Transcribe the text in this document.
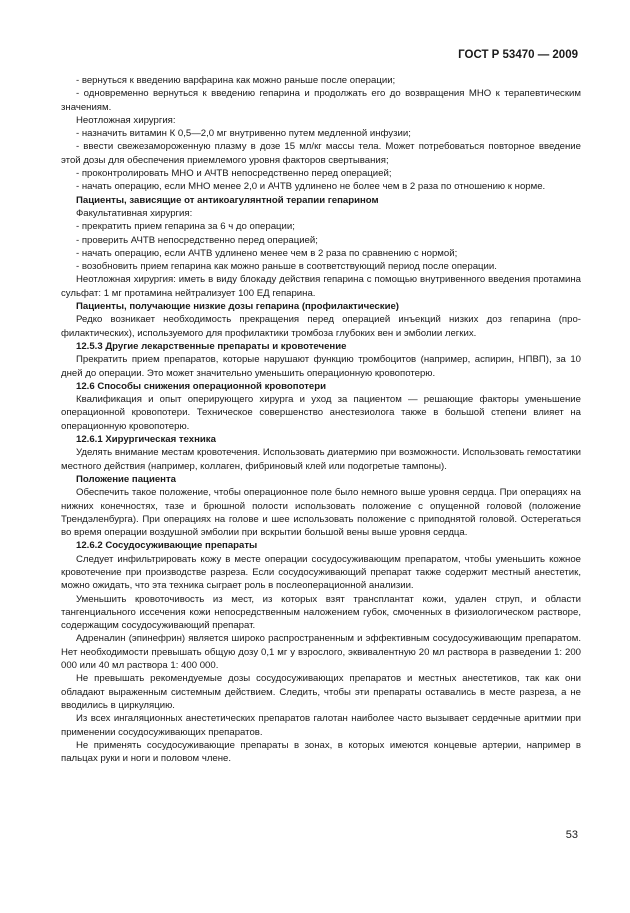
ГОСТ Р 53470 — 2009

- вернуться к введению варфарина как можно раньше после операции;

- одновременно вернуться к введению гепарина и продолжать его до возвращения МНО к терапевтическим значениям.

Неотложная хирургия:

- назначить витамин К 0,5—2,0 мг внутривенно путем медленной инфузии;

- ввести свежезамороженную плазму в дозе 15 мл/кг массы тела. Может потребоваться повторное введение этой дозы для обеспечения приемлемого уровня факторов свертывания;

- проконтролировать МНО и АЧТВ непосредственно перед операцией;

- начать операцию, если МНО менее 2,0 и АЧТВ удлинено не более чем в 2 раза по отношению к норме.

Пациенты, зависящие от антикоагулянтной терапии гепарином

Факультативная хирургия:

- прекратить прием гепарина за 6 ч до операции;

- проверить АЧТВ непосредственно перед операцией;

- начать операцию, если АЧТВ удлинено менее чем в 2 раза по сравнению с нормой;

- возобновить прием гепарина как можно раньше в соответствующий период после операции.

Неотложная хирургия: иметь в виду блокаду действия гепарина с помощью внутривенного введения протамина сульфат: 1 мг протамина нейтрализует 100 ЕД гепарина.

Пациенты, получающие низкие дозы гепарина (профилактические)

Редко возникает необходимость прекращения перед операцией инъекций низких доз гепарина (профилактических), используемого для профилактики тромбоза глубоких вен и эмболии легких.

12.5.3 Другие лекарственные препараты и кровотечение

Прекратить прием препаратов, которые нарушают функцию тромбоцитов (например, аспирин, НПВП), за 10 дней до операции. Это может значительно уменьшить операционную кровопотерю.

12.6 Способы снижения операционной кровопотери

Квалификация и опыт оперирующего хирурга и уход за пациентом — решающие факторы уменьшение операционной кровопотери. Техническое совершенство анестезиолога также в большой степени влияет на операционную кровопотерю.

12.6.1 Хирургическая техника

Уделять внимание местам кровотечения. Использовать диатермию при возможности. Использовать гемостатики местного действия (например, коллаген, фибриновый клей или подогретые тампоны).

Положение пациента

Обеспечить такое положение, чтобы операционное поле было немного выше уровня сердца. При операциях на нижних конечностях, тазе и брюшной полости использовать положение с опущенной головой (положение Трендэленбурга). При операциях на голове и шее использовать положение с приподнятой головой. Остерегаться во время операции воздушной эмболии при вскрытии большой вены выше уровня сердца.

12.6.2 Сосудосуживающие препараты

Следует инфильтрировать кожу в месте операции сосудосуживающим препаратом, чтобы уменьшить кожное кровотечение при производстве разреза. Если сосудосуживающий препарат также содержит местный анестетик, можно ожидать, что эта техника сыграет роль в послеоперационной анализии.

Уменьшить кровоточивость из мест, из которых взят трансплантат кожи, удален струп, и области тангенциального иссечения кожи непосредственным наложением губок, смоченных в физиологическом растворе, содержащим сосудосуживающий препарат.

Адреналин (эпинефрин) является широко распространенным и эффективным сосудосуживающим препаратом. Нет необходимости превышать общую дозу 0,1 мг у взрослого, эквивалентную 20 мл раствора в разведении 1: 200 000 или 40 мл раствора 1: 400 000.

Не превышать рекомендуемые дозы сосудосуживающих препаратов и местных анестетиков, так как они обладают выраженным системным действием. Следить, чтобы эти препараты оставались в месте разреза, а не вводились в циркуляцию.

Из всех ингаляционных анестетических препаратов галотан наиболее часто вызывает сердечные аритмии при применении сосудосуживающих препаратов.

Не применять сосудосуживающие препараты в зонах, в которых имеются концевые артерии, например в пальцах руки и ноги и половом члене.

53
